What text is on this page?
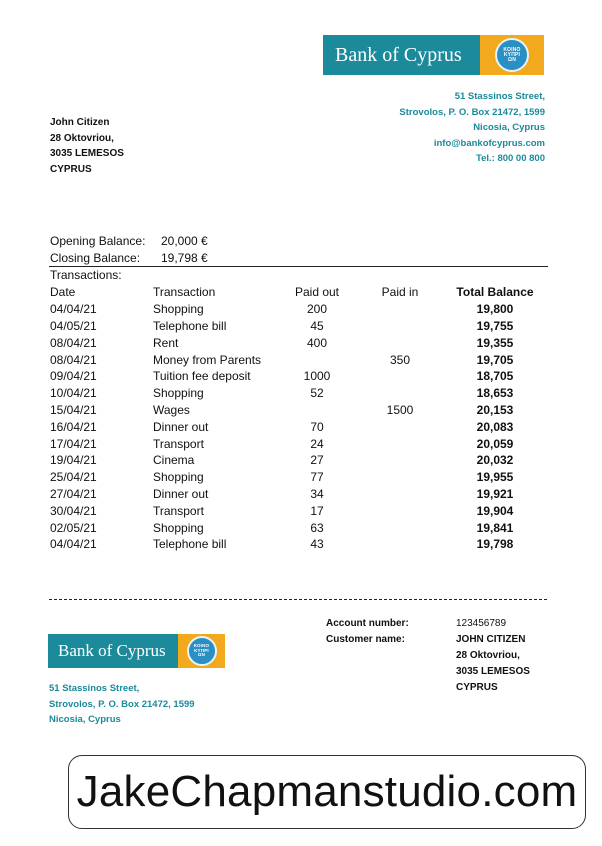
Bank of Cyprus	ΚΟΙΝΟ
ΚΥΠΡΙ
ΩΝ
51 Stassinos Street,
Strovolos, P. O. Box 21472, 1599
Nicosia, Cyprus
info@bankofcyprus.com
Tel.: 800 00 800
John Citizen
28 Oktovriou,
3035 LEMESOS
CYPRUS
Opening Balance: 20,000 €
Closing Balance: 19,798 €
Transactions:
Date	Transaction	Paid out	Paid in	Total Balance
04/04/21	Shopping	200		19,800
04/05/21	Telephone bill	45		19,755
08/04/21	Rent	400		19,355
08/04/21	Money from Parents		350	19,705
09/04/21	Tuition fee deposit	1000		18,705
10/04/21	Shopping	52		18,653
15/04/21	Wages		1500	20,153
16/04/21	Dinner out	70		20,083
17/04/21	Transport	24		20,059
19/04/21	Cinema	27		20,032
25/04/21	Shopping	77		19,955
27/04/21	Dinner out	34		19,921
30/04/21	Transport	17		19,904
02/05/21	Shopping	63		19,841
04/04/21	Telephone bill	43		19,798
Bank of Cyprus	ΚΟΙΝΟ
ΚΥΠΡΙ
ΩΝ
51 Stassinos Street,
Strovolos, P. O. Box 21472, 1599
Nicosia, Cyprus
Account number:	123456789
Customer name:	JOHN CITIZEN
28 Oktovriou,
3035 LEMESOS
CYPRUS
JakeChapmanstudio.com
